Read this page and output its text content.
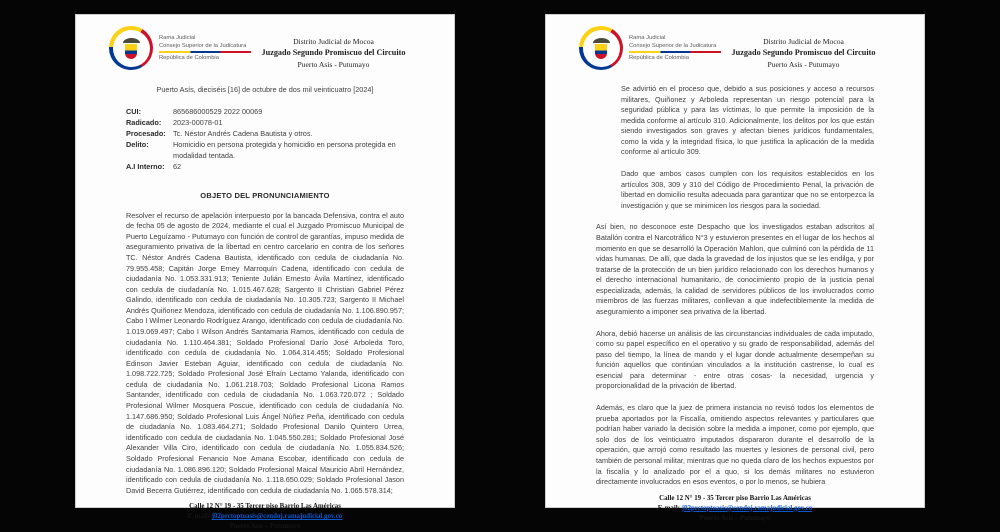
Rama Judicial
Consejo Superior de la Judicatura
República de Colombia
Distrito Judicial de Mocoa
Juzgado Segundo Promiscuo del Circuito
Puerto Asís - Putumayo
Puerto Asís, dieciséis [16] de octubre de dos mil veinticuatro [2024]
CUI:	865686000529 2022 00069
Radicado:	2023-00078-01
Procesado: Tc. Néstor Andrés Cadena Bautista y otros.
Delito:	Homicidio en persona protegida y homicidio en persona protegida en modalidad tentada.
A.I Interno:	62
OBJETO DEL PRONUNCIAMIENTO

Resolver el recurso de apelación interpuesto por la bancada Defensiva, contra el auto de fecha 05 de agosto de 2024, mediante el cual el Juzgado Promiscuo Municipal de Puerto Leguízamo - Putumayo con función de control de garantías, impuso medida de aseguramiento privativa de la libertad en centro carcelario en contra de los señores TC. Néstor Andrés Cadena Bautista, identificado con cedula de ciudadanía No. 79.955.458; Capitán Jorge Erney Marroquín Cadena, identificado con cedula de ciudadanía No. 1.053.331.913; Teniente Julián Ernesto Ávila Martínez, identificado con cedula de ciudadanía No. 1.015.467.628; Sargento II Christian Gabriel Pérez Galindo, identificado con cedula de ciudadanía No. 10.305.723; Sargento II Michael Andrés Quiñonez Mendoza, identificado con cedula de ciudadanía No. 1.106.890.957; Cabo I Wilmer Leonardo Rodríguez Arango, identificado con cedula de ciudadanía No. 1.019.069.497; Cabo I Wilson Andrés Santamaria Ramos, identificado con cedula de ciudadanía No. 1.110.464.381; Soldado Profesional Darío José Arboleda Toro, identificado con cedula de ciudadanía No. 1.064.314.455; Soldado Profesional Edinson Javier Esteban Aguiar, identificado con cedula de ciudadanía No. 1.098.722.725; Soldado Profesional José Efraín Lectamo Yalanda, identificado con cedula de ciudadanía No. 1.061.218.703; Soldado Profesional Licona Ramos Santander, identificado con cedula de ciudadanía No. 1.063.720.072 ; Soldado Profesional Wilmer Mosquera Poscue, identificado con cedula de ciudadanía No. 1.147.686.950; Soldado Profesional Luis Ángel Núñez Peña, identificado con cedula de ciudadanía No. 1.083.464.271; Soldado Profesional Danilo Quintero Urrea, identificado con cedula de ciudadanía No. 1.045.550.281; Soldado Profesional José Alexander Villa Ciro, identificado con cedula de ciudadanía No. 1.055.834.526; Soldado Profesional Fenancio Noe Amana Escobar, identificado con cedula de ciudadanía No. 1.086.896.120; Soldado Profesional Maical Mauricio Abril Hernández, identificado con cedula de ciudadanía No. 1.118.650.029; Soldado Profesional Jason David Becerra Gutiérrez, identificado con cedula de ciudadanía No. 1.065.578.314;

Calle 12 N° 19 - 35 Tercer piso Barrio Las Américas
E-mail: j02prctoptoasis@cendoj.ramajudicial.gov.co
Puerto Asís – Putumayo
Rama Judicial
Consejo Superior de la Judicatura
República de Colombia
Distrito Judicial de Mocoa
Juzgado Segundo Promiscuo del Circuito
Puerto Asís - Putumayo

Se advirtió en el proceso que, debido a sus posiciones y acceso a recursos militares, Quiñonez y Arboleda representan un riesgo potencial para la seguridad pública y para las víctimas, lo que permite la imposición de la medida conforme al artículo 310. Adicionalmente, los delitos por los que están siendo investigados son graves y afectan bienes jurídicos fundamentales, como la vida y la integridad física, lo que justifica la aplicación de la medida conforme al artículo 309.

Dado que ambos casos cumplen con los requisitos establecidos en los artículos 308, 309 y 310 del Código de Procedimiento Penal, la privación de libertad en domicilio resulta adecuada para garantizar que no se entorpezca la investigación y que se minimicen los riesgos para la sociedad.

Así bien, no desconoce este Despacho que los investigados estaban adscritos al Batallón contra el Narcotráfico N°3 y estuvieron presentes en el lugar de los hechos al momento en que se desarrolló la Operación Mahlon, que culminó con la pérdida de 11 vidas humanas. De allí, que dada la gravedad de los injustos que se les endilga, y por tratarse de la protección de un bien jurídico relacionado con los derechos humanos y el derecho internacional humanitario, de conocimiento propio de la justicia penal especializada, además, la calidad de servidores públicos de los involucrados como miembros de las fuerzas militares, conllevan a que indefectiblemente la medida de aseguramiento a imponer sea privativa de la libertad.

Ahora, debió hacerse un análisis de las circunstancias individuales de cada imputado, como su papel específico en el operativo y su grado de responsabilidad, además del paso del tiempo, la línea de mando y el lugar donde actualmente desempeñan su función aquellos que continúan vinculados a la institución castrense, lo cual es esencial para determinar - entre otras cosas- la necesidad, urgencia y proporcionalidad de la privación de libertad.

Además, es claro que la juez de primera instancia no revisó todos los elementos de prueba aportados por la Fiscalía, omitiendo aspectos relevantes y particulares que podrían haber variado la decisión sobre la medida a imponer, como por ejemplo, que solo dos de los veinticuatro imputados dispararon durante el desarrollo de la operación, que arrojó como resultado las muertes y lesiones de personal civil, pero también de personal militar, mientras que no queda claro de los hechos expuestos por la fiscalía y lo analizado por el a quo, si los demás militares no estuvieron directamente involucrados en esos eventos, o por lo menos, se hubiera

Calle 12 N° 19 - 35 Tercer piso Barrio Las Américas
E-mail: j02prctoptoasis@cendoj.ramajudicial.gov.co
Puerto Asís – Putumayo
